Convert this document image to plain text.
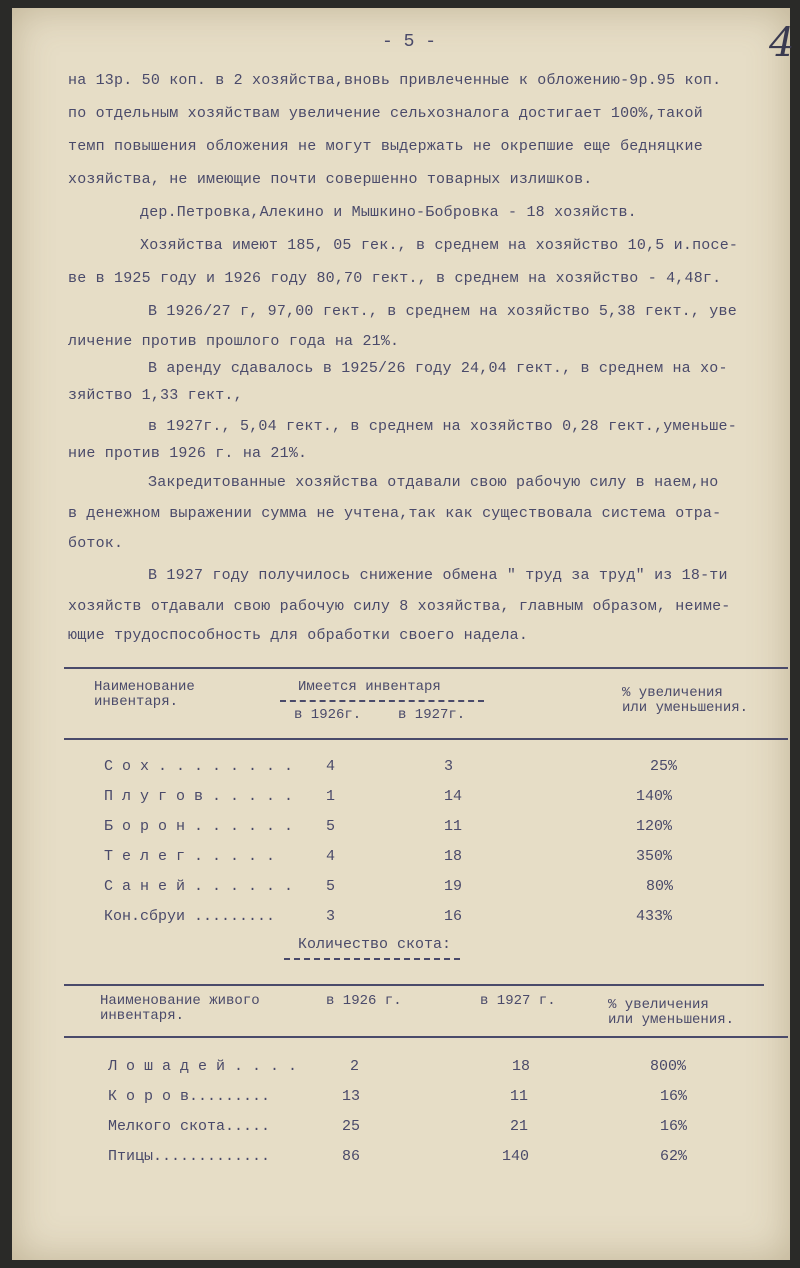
- 5 -	4
на 13р. 50 коп. в 2 хозяйства,вновь привлеченные к обложению-9р.95 коп.
по отдельным хозяйствам увеличение сельхозналога достигает 100%,такой
темп повышения обложения не могут выдержать не окрепшие еще бедняцкие
хозяйства, не имеющие почти совершенно товарных излишков.
дер.Петровка,Алекино и Мышкино-Бобровка - 18 хозяйств.
Хозяйства имеют 185, 05 гек., в среднем на хозяйство 10,5 и.посе-
ве в 1925 году и 1926 году 80,70 гект., в среднем на хозяйство - 4,48г.
В 1926/27 г, 97,00 гект., в среднем на хозяйство 5,38 гект., уве
личение против прошлого года на 21%.
В аренду сдавалось в 1925/26 году 24,04 гект., в среднем на хо-
зяйство 1,33 гект.,
в 1927г., 5,04 гект., в среднем на хозяйство 0,28 гект.,уменьше-
ние против 1926 г. на 21%.
Закредитованные хозяйства отдавали свою рабочую силу в наем,но
в денежном выражении сумма не учтена,так как существовала система отра-
боток.
В 1927 году получилось снижение обмена " труд за труд" из 18-ти
хозяйств отдавали свою рабочую силу 8 хозяйства, главным образом, неиме-
ющие трудоспособность для обработки своего надела.
Наименование
инвентаря.
Имеется инвентаря
в 1926г.	в 1927г.
% увеличения
или уменьшения.
С о х . . . . . . . . 4	3	25%
П л у г о в . . . . . 1	14	140%
Б о р о н . . . . . . 5	11	120%
Т е л е г . . . . .	4	18	350%
С а н е й . . . . . . 5	19	80%
Кон.сбруи .........	3	16	433%
Количество скота:
Наименование живого
инвентаря.
в 1926 г.	в 1927 г.	% увеличения
или уменьшения.
Л о ш а д е й . . . .	2	18	800%
К о р о в.........	13	11	16%
Мелкого скота.....	25	21	16%
Птицы.............	86	140	62%
